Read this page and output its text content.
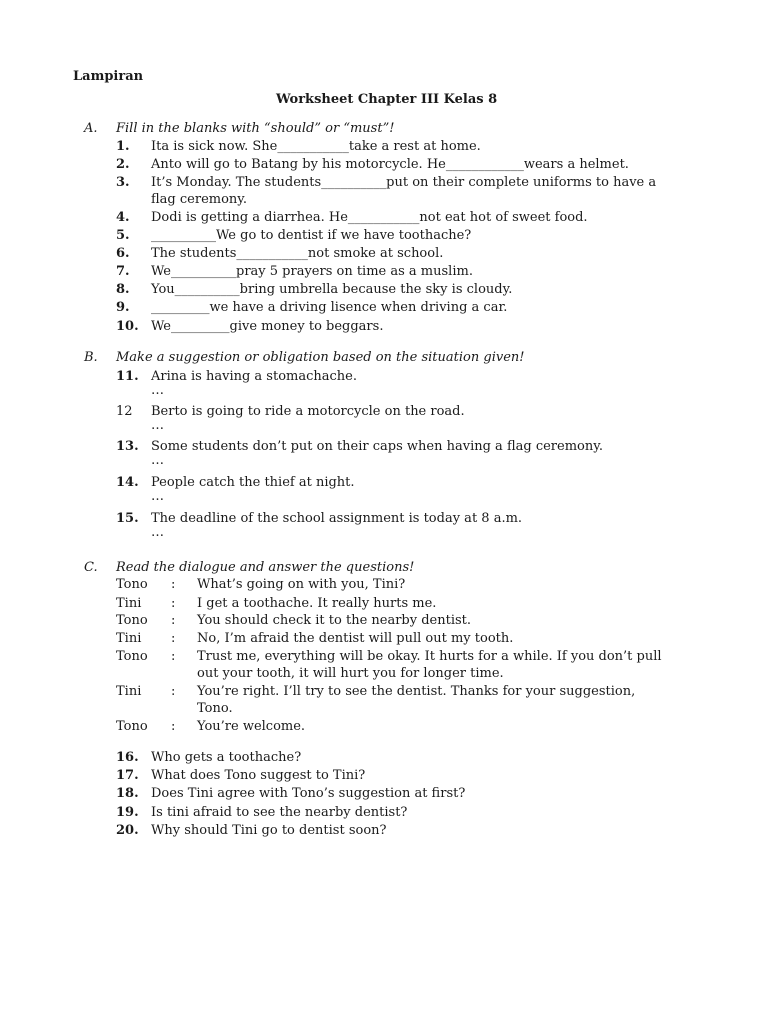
Lampiran
Worksheet Chapter III Kelas 8
A. Fill in the blanks with “should” or “must”!
1. Ita is sick now. She___________take a rest at home.
2. Anto will go to Batang by his motorcycle. He____________wears a helmet.
3. It’s Monday. The students__________put on their complete uniforms to have a
flag ceremony.
4. Dodi is getting a diarrhea. He___________not eat hot of sweet food.
5. __________We go to dentist if we have toothache?
6. The students___________not smoke at school.
7. We__________pray 5 prayers on time as a muslim.
8. You__________bring umbrella because the sky is cloudy.
9. _________we have a driving lisence when driving a car.
10. We_________give money to beggars.
B. Make a suggestion or obligation based on the situation given!
11. Arina is having a stomachache.
…
12 Berto is going to ride a motorcycle on the road.
…
13. Some students don’t put on their caps when having a flag ceremony.
…
14. People catch the thief at night.
…
15. The deadline of the school assignment is today at 8 a.m.
…
C. Read the dialogue and answer the questions!
Tono : What’s going on with you, Tini?
Tini : I get a toothache. It really hurts me.
Tono : You should check it to the nearby dentist.
Tini : No, I’m afraid the dentist will pull out my tooth.
Tono : Trust me, everything will be okay. It hurts for a while. If you don’t pull
out your tooth, it will hurt you for longer time.
Tini : You’re right. I’ll try to see the dentist. Thanks for your suggestion,
Tono.
Tono : You’re welcome.
16. Who gets a toothache?
17. What does Tono suggest to Tini?
18. Does Tini agree with Tono’s suggestion at first?
19. Is tini afraid to see the nearby dentist?
20. Why should Tini go to dentist soon?
